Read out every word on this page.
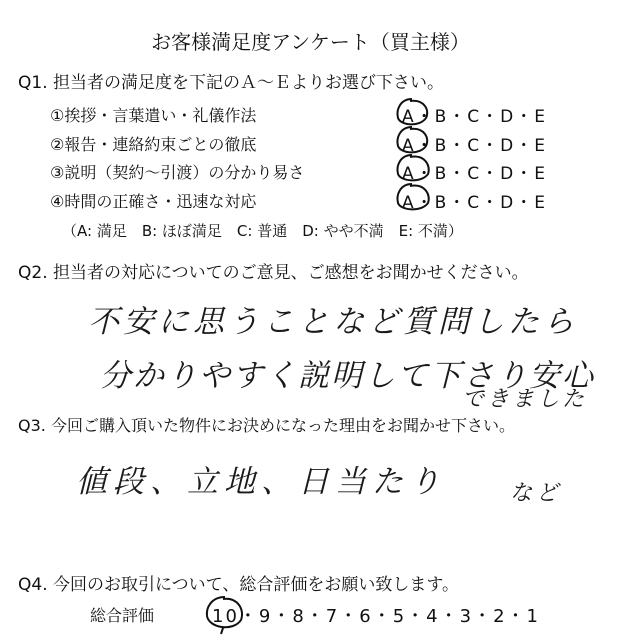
お客様満足度アンケート（買主様）
Q1. 担当者の満足度を下記のＡ～Ｅよりお選び下さい。
①挨拶・言葉遣い・礼儀作法	A・B・C・D・E
②報告・連絡約束ごとの徹底	A・B・C・D・E
③説明（契約～引渡）の分かり易さ	A・B・C・D・E
④時間の正確さ・迅速な対応	A・B・C・D・E
（A: 満足　B: ほぼ満足　C: 普通　D: やや不満　E: 不満）
Q2. 担当者の対応についてのご意見、ご感想をお聞かせください。
不安に思うことなど質問したら
分かりやすく説明して下さり安心
できました
Q3. 今回ご購入頂いた物件にお決めになった理由をお聞かせ下さい。
値段、立地、日当たり	など
Q4. 今回のお取引について、総合評価をお願い致します。
総合評価	10・9・8・7・6・5・4・3・2・1
